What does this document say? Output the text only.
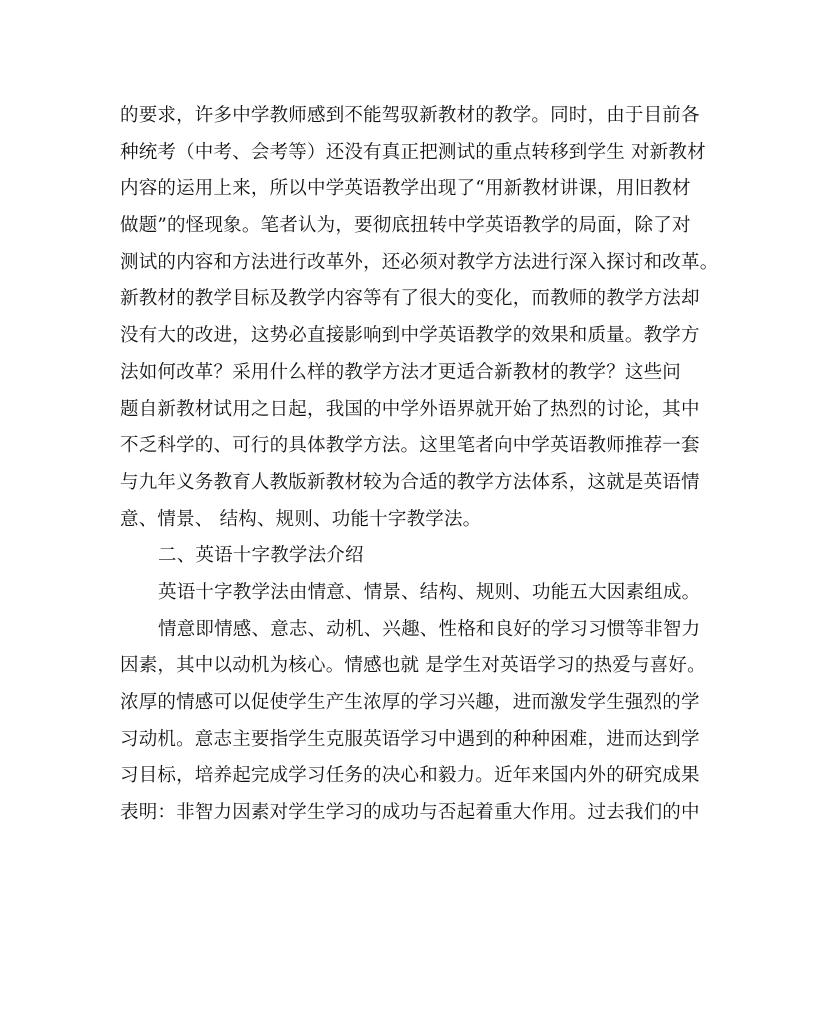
的要求，许多中学教师感到不能驾驭新教材的教学。同时，由于目前各
种统考（中考、会考等）还没有真正把测试的重点转移到学生 对新教材
内容的运用上来，所以中学英语教学出现了“用新教材讲课，用旧教材
做题”的怪现象。笔者认为，要彻底扭转中学英语教学的局面，除了对
测试的内容和方法进行改革外，还必须对教学方法进行深入探讨和改革。
新教材的教学目标及教学内容等有了很大的变化，而教师的教学方法却
没有大的改进，这势必直接影响到中学英语教学的效果和质量。教学方
法如何改革？采用什么样的教学方法才更适合新教材的教学？这些问
题自新教材试用之日起，我国的中学外语界就开始了热烈的讨论，其中
不乏科学的、可行的具体教学方法。这里笔者向中学英语教师推荐一套
与九年义务教育人教版新教材较为合适的教学方法体系，这就是英语情
意、情景、 结构、规则、功能十字教学法。
二、英语十字教学法介绍
英语十字教学法由情意、情景、结构、规则、功能五大因素组成。
情意即情感、意志、动机、兴趣、性格和良好的学习习惯等非智力
因素，其中以动机为核心。情感也就 是学生对英语学习的热爱与喜好。
浓厚的情感可以促使学生产生浓厚的学习兴趣，进而激发学生强烈的学
习动机。意志主要指学生克服英语学习中遇到的种种困难，进而达到学
习目标，培养起完成学习任务的决心和毅力。近年来国内外的研究成果
表明：非智力因素对学生学习的成功与否起着重大作用。过去我们的中
